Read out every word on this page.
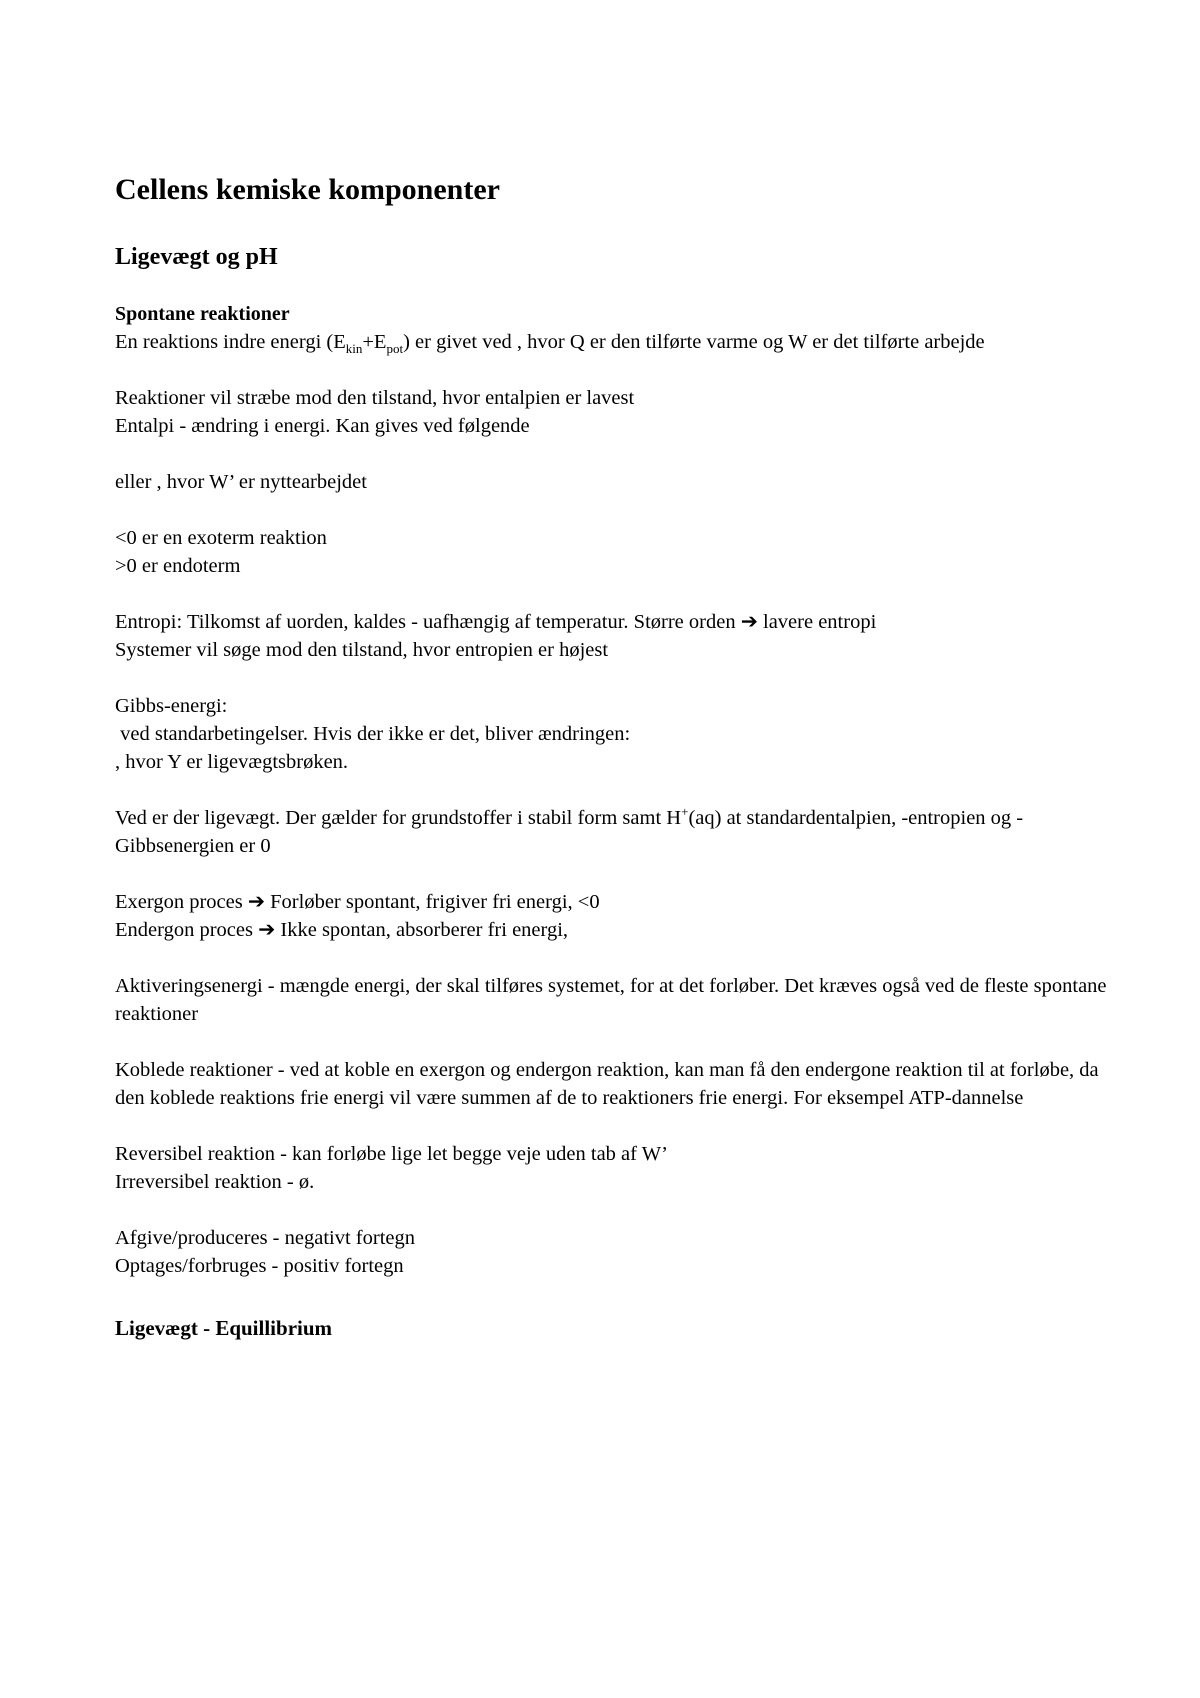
Cellens kemiske komponenter
Ligevægt og pH
Spontane reaktioner
En reaktions indre energi $(E_{kin}+E_{pot})$ er givet ved , hvor Q er den tilførte varme og W er det tilførte arbejde
Reaktioner vil stræbe mod den tilstand, hvor entalpien er lavest
Entalpi - ændring i energi. Kan gives ved følgende
eller , hvor W’ er nyttearbejdet
<0 er en exoterm reaktion
>0 er endoterm
Entropi: Tilkomst af uorden, kaldes - uafhængig af temperatur. Større orden ➔ lavere entropi
Systemer vil søge mod den tilstand, hvor entropien er højest
Gibbs-energi:
ved standarbetingelser. Hvis der ikke er det, bliver ændringen:
, hvor Y er ligevægtsbrøken.
Ved er der ligevægt. Der gælder for grundstoffer i stabil form samt H+(aq) at standardentalpien, -entropien og -Gibbsenergien er 0
Exergon proces ➔ Forløber spontant, frigiver fri energi, <0
Endergon proces ➔ Ikke spontan, absorberer fri energi,
Aktiveringsenergi - mængde energi, der skal tilføres systemet, for at det forløber. Det kræves også ved de fleste spontane reaktioner
Koblede reaktioner - ved at koble en exergon og endergon reaktion, kan man få den endergone reaktion til at forløbe, da den koblede reaktions frie energi vil være summen af de to reaktioners frie energi. For eksempel ATP-dannelse
Reversibel reaktion - kan forløbe lige let begge veje uden tab af W’
Irreversibel reaktion - ø.
Afgive/produceres - negativt fortegn
Optages/forbruges - positiv fortegn
Ligevægt - Equillibrium
